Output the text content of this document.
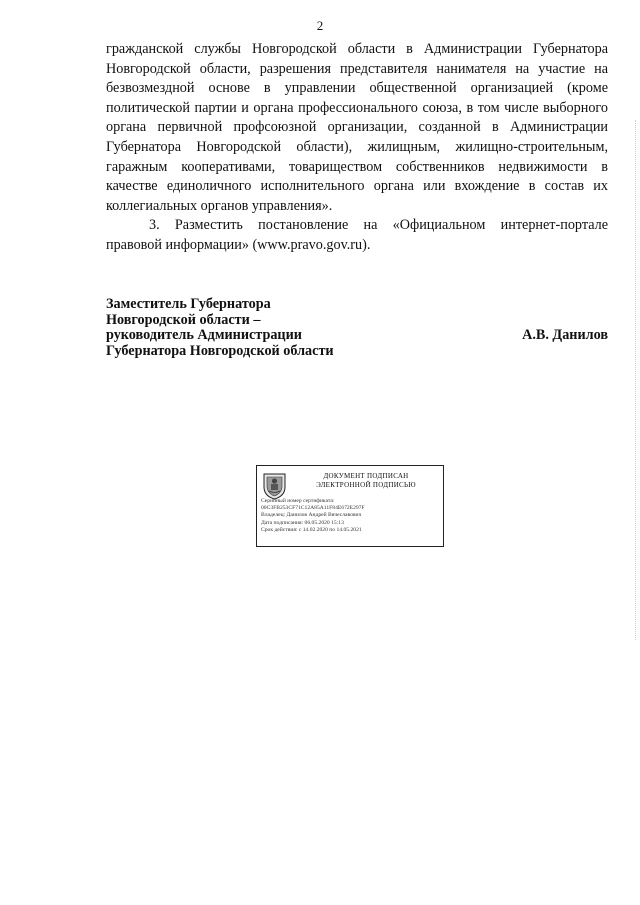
2

гражданской службы Новгородской области в Администрации Губернатора Новгородской области, разрешения представителя нанимателя на участие на безвозмездной основе в управлении общественной организацией (кроме политической партии и органа профессионального союза, в том числе выборного органа первичной профсоюзной организации, созданной в Администрации Губернатора Новгородской области), жилищным, жилищно-строительным, гаражным кооперативами, товариществом собственников недвижимости в качестве единоличного исполнительного органа или вхождение в состав их коллегиальных органов управления».

3. Разместить постановление на «Официальном интернет-портале правовой информации» (www.pravo.gov.ru).

Заместитель Губернатора
Новгородской области –
руководитель Администрации
Губернатора Новгородской области
А.В. Данилов
ДОКУМЕНТ ПОДПИСАН
ЭЛЕКТРОННОЙ ПОДПИСЬЮ
Серийный номер сертификата:
00C3FB253CF71C12A85A11F84E672E297F
Владелец: Данилов Андрей Вячеславович
Дата подписания: 06.05.2020 15:13
Срок действия: с 14.02.2020 по 14.05.2021
